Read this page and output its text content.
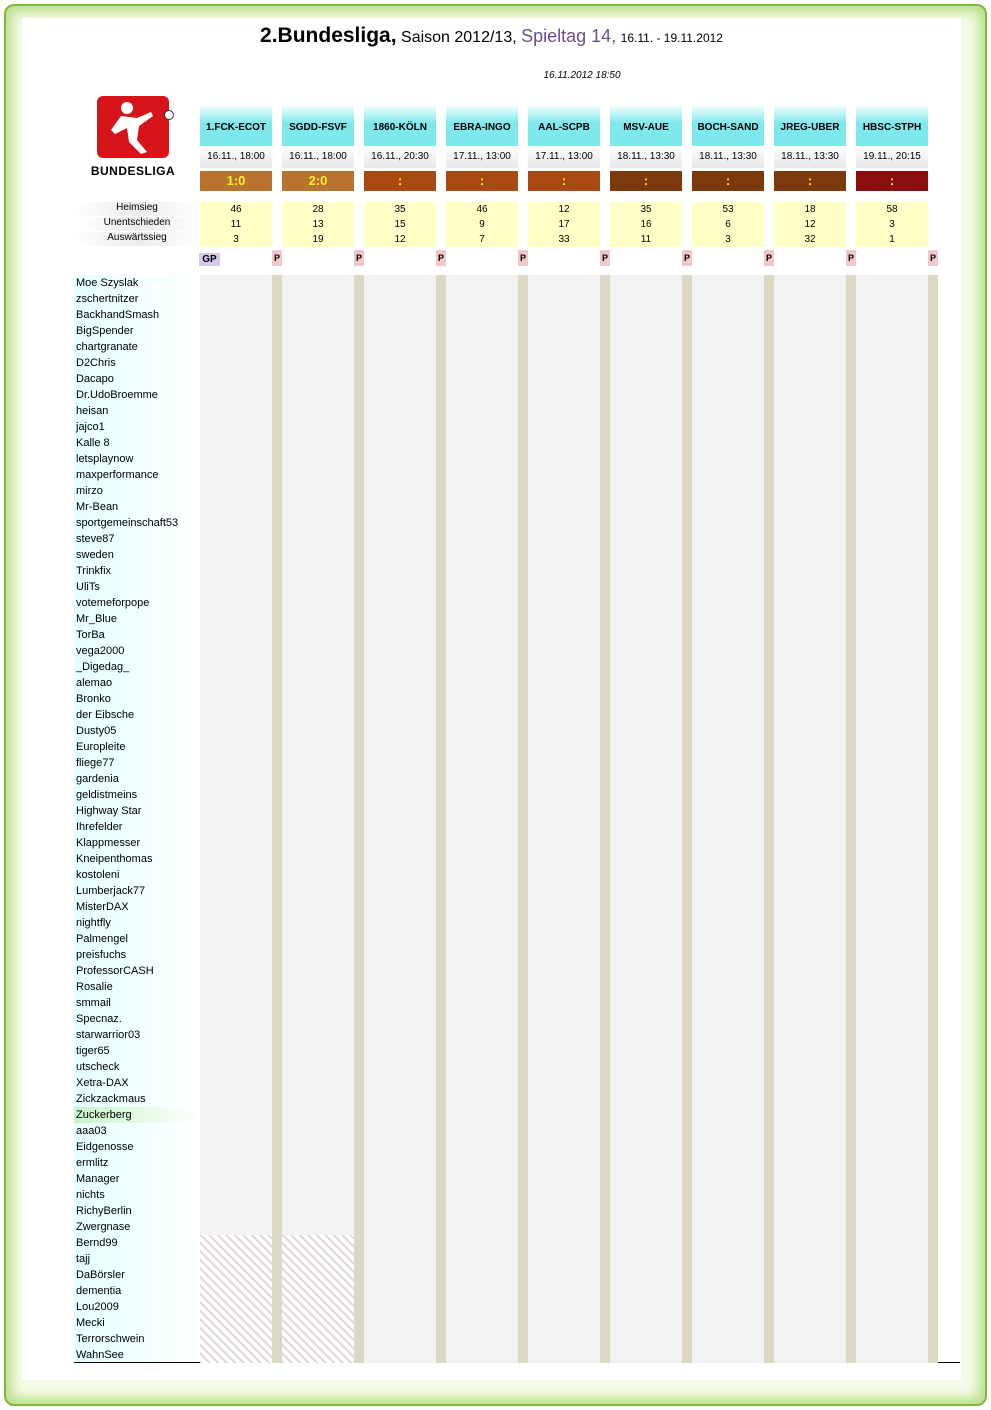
2.Bundesliga, Saison 2012/13, Spieltag 14, 16.11. - 19.11.2012
16.11.2012 18:50
BUNDESLIGA
Heimsieg
Unentschieden
Auswärtssieg
GP
1.FCK-ECOT
16.11., 18:00
1:0
46
11
3
P
SGDD-FSVF
16.11., 18:00
2:0
28
13
19
P
1860-KÖLN
16.11., 20:30
:
35
15
12
P
EBRA-INGO
17.11., 13:00
:
46
9
7
P
AAL-SCPB
17.11., 13:00
:
12
17
33
P
MSV-AUE
18.11., 13:30
:
35
16
11
P
BOCH-SAND
18.11., 13:30
:
53
6
3
P
JREG-UBER
18.11., 13:30
:
18
12
32
P
HBSC-STPH
19.11., 20:15
:
58
3
1
P
Moe Szyslak
zschertnitzer
BackhandSmash
BigSpender
chartgranate
D2Chris
Dacapo
Dr.UdoBroemme
heisan
jajco1
Kalle 8
letsplaynow
maxperformance
mirzo
Mr-Bean
sportgemeinschaft53
steve87
sweden
Trinkfix
UliTs
votemeforpope
Mr_Blue
TorBa
vega2000
_Digedag_
alemao
Bronko
der Eibsche
Dusty05
Europleite
fliege77
gardenia
geldistmeins
Highway Star
Ihrefelder
Klappmesser
Kneipenthomas
kostoleni
Lumberjack77
MisterDAX
nightfly
Palmengel
preisfuchs
ProfessorCASH
Rosalie
smmail
Specnaz.
starwarrior03
tiger65
utscheck
Xetra-DAX
Zickzackmaus
Zuckerberg
aaa03
Eidgenosse
ermlitz
Manager
nichts
RichyBerlin
Zwergnase
Bernd99
tajj
DaBörsler
dementia
Lou2009
Mecki
Terrorschwein
WahnSee
